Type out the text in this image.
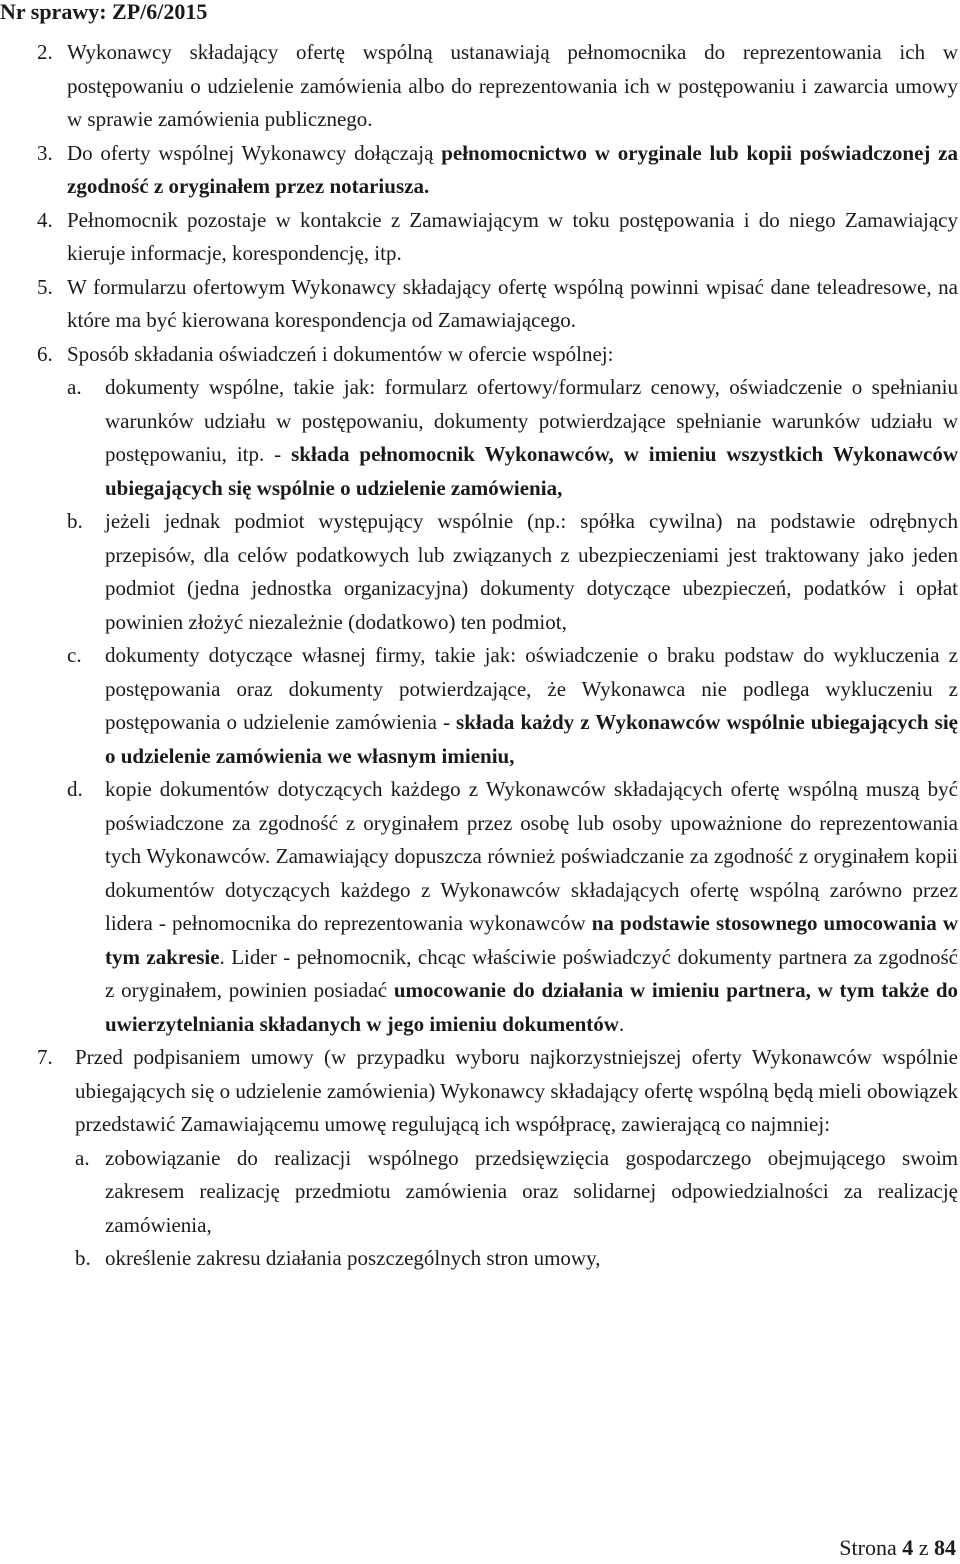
Nr sprawy: ZP/6/2015
2. Wykonawcy składający ofertę wspólną ustanawiają pełnomocnika do reprezentowania ich w postępowaniu o udzielenie zamówienia albo do reprezentowania ich w postępowaniu i zawarcia umowy w sprawie zamówienia publicznego.

3. Do oferty wspólnej Wykonawcy dołączają pełnomocnictwo w oryginale lub kopii poświadczonej za zgodność z oryginałem przez notariusza.

4. Pełnomocnik pozostaje w kontakcie z Zamawiającym w toku postępowania i do niego Zamawiający kieruje informacje, korespondencję, itp.

5. W formularzu ofertowym Wykonawcy składający ofertę wspólną powinni wpisać dane teleadresowe, na które ma być kierowana korespondencja od Zamawiającego.

6. Sposób składania oświadczeń i dokumentów w ofercie wspólnej:

a. dokumenty wspólne, takie jak: formularz ofertowy/formularz cenowy, oświadczenie o spełnianiu warunków udziału w postępowaniu, dokumenty potwierdzające spełnianie warunków udziału w postępowaniu, itp. - składa pełnomocnik Wykonawców, w imieniu wszystkich Wykonawców ubiegających się wspólnie o udzielenie zamówienia,

b. jeżeli jednak podmiot występujący wspólnie (np.: spółka cywilna) na podstawie odrębnych przepisów, dla celów podatkowych lub związanych z ubezpieczeniami jest traktowany jako jeden podmiot (jedna jednostka organizacyjna) dokumenty dotyczące ubezpieczeń, podatków i opłat powinien złożyć niezależnie (dodatkowo) ten podmiot,

c. dokumenty dotyczące własnej firmy, takie jak: oświadczenie o braku podstaw do wykluczenia z postępowania oraz dokumenty potwierdzające, że Wykonawca nie podlega wykluczeniu z postępowania o udzielenie zamówienia - składa każdy z Wykonawców wspólnie ubiegających się o udzielenie zamówienia we własnym imieniu,

d. kopie dokumentów dotyczących każdego z Wykonawców składających ofertę wspólną muszą być poświadczone za zgodność z oryginałem przez osobę lub osoby upoważnione do reprezentowania tych Wykonawców. Zamawiający dopuszcza również poświadczanie za zgodność z oryginałem kopii dokumentów dotyczących każdego z Wykonawców składających ofertę wspólną zarówno przez lidera - pełnomocnika do reprezentowania wykonawców na podstawie stosownego umocowania w tym zakresie. Lider - pełnomocnik, chcąc właściwie poświadczyć dokumenty partnera za zgodność z oryginałem, powinien posiadać umocowanie do działania w imieniu partnera, w tym także do uwierzytelniania składanych w jego imieniu dokumentów.

7.	Przed podpisaniem umowy (w przypadku wyboru najkorzystniejszej oferty Wykonawców wspólnie ubiegających się o udzielenie zamówienia) Wykonawcy składający ofertę wspólną będą mieli obowiązek przedstawić Zamawiającemu umowę regulującą ich współpracę, zawierającą co najmniej:

a. zobowiązanie do realizacji wspólnego przedsięwzięcia gospodarczego obejmującego swoim zakresem realizację przedmiotu zamówienia oraz solidarnej odpowiedzialności za realizację zamówienia,

b. określenie zakresu działania poszczególnych stron umowy,

Strona 4 z 84
